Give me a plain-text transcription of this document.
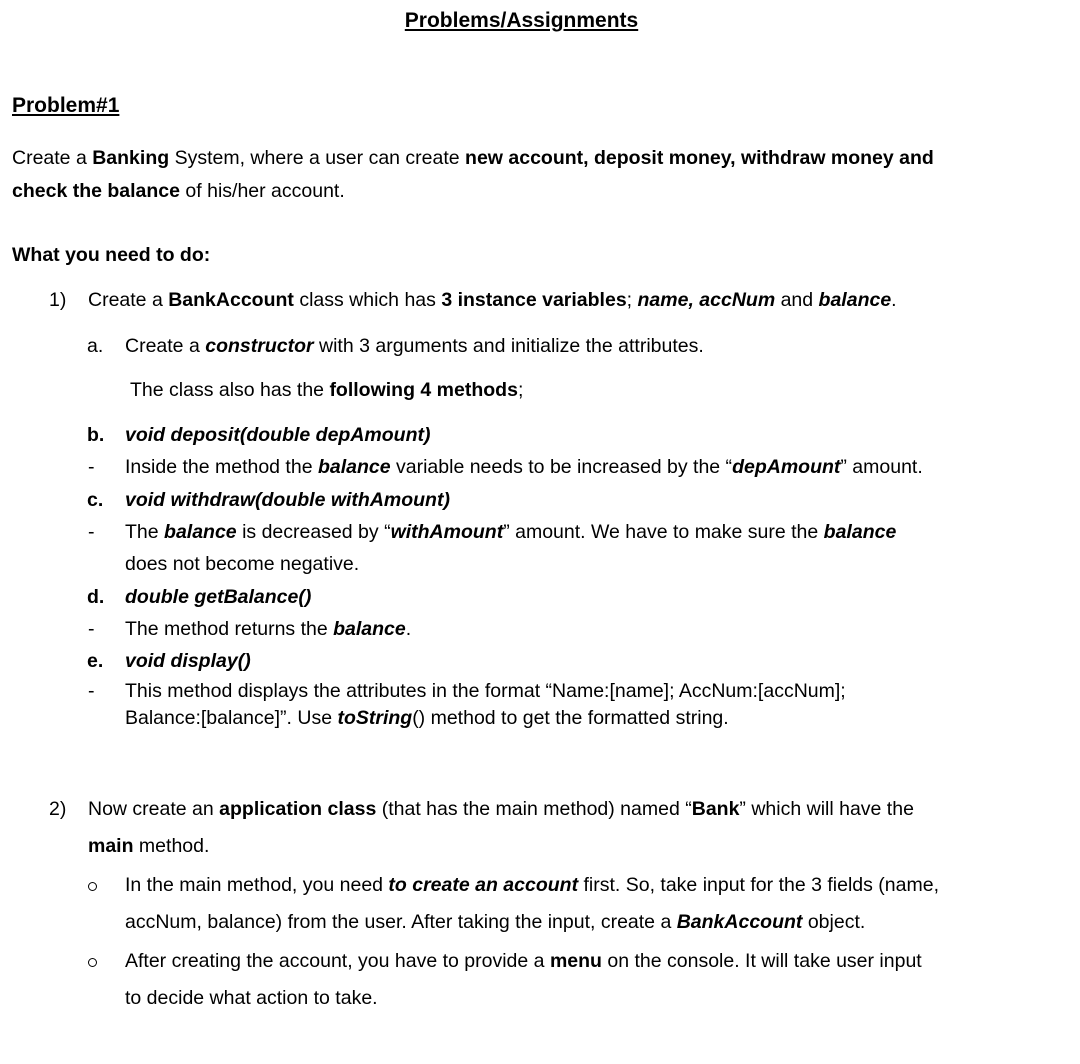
Problems/Assignments
Problem#1
Create a Banking System, where a user can create new account, deposit money, withdraw money and
check the balance of his/her account.
What you need to do:
1) Create a BankAccount class which has 3 instance variables; name, accNum and balance.
a. Create a constructor with 3 arguments and initialize the attributes.
The class also has the following 4 methods;
b. void deposit(double depAmount)
- Inside the method the balance variable needs to be increased by the “depAmount” amount.
c. void withdraw(double withAmount)
- The balance is decreased by “withAmount” amount. We have to make sure the balance
does not become negative.
d. double getBalance()
- The method returns the balance.
e. void display()
- This method displays the attributes in the format “Name:[name]; AccNum:[accNum];
Balance:[balance]”. Use toString() method to get the formatted string.
2) Now create an application class (that has the main method) named “Bank” which will have the
main method.
In the main method, you need to create an account first. So, take input for the 3 fields (name,
accNum, balance) from the user. After taking the input, create a BankAccount object.
After creating the account, you have to provide a menu on the console. It will take user input
to decide what action to take.
